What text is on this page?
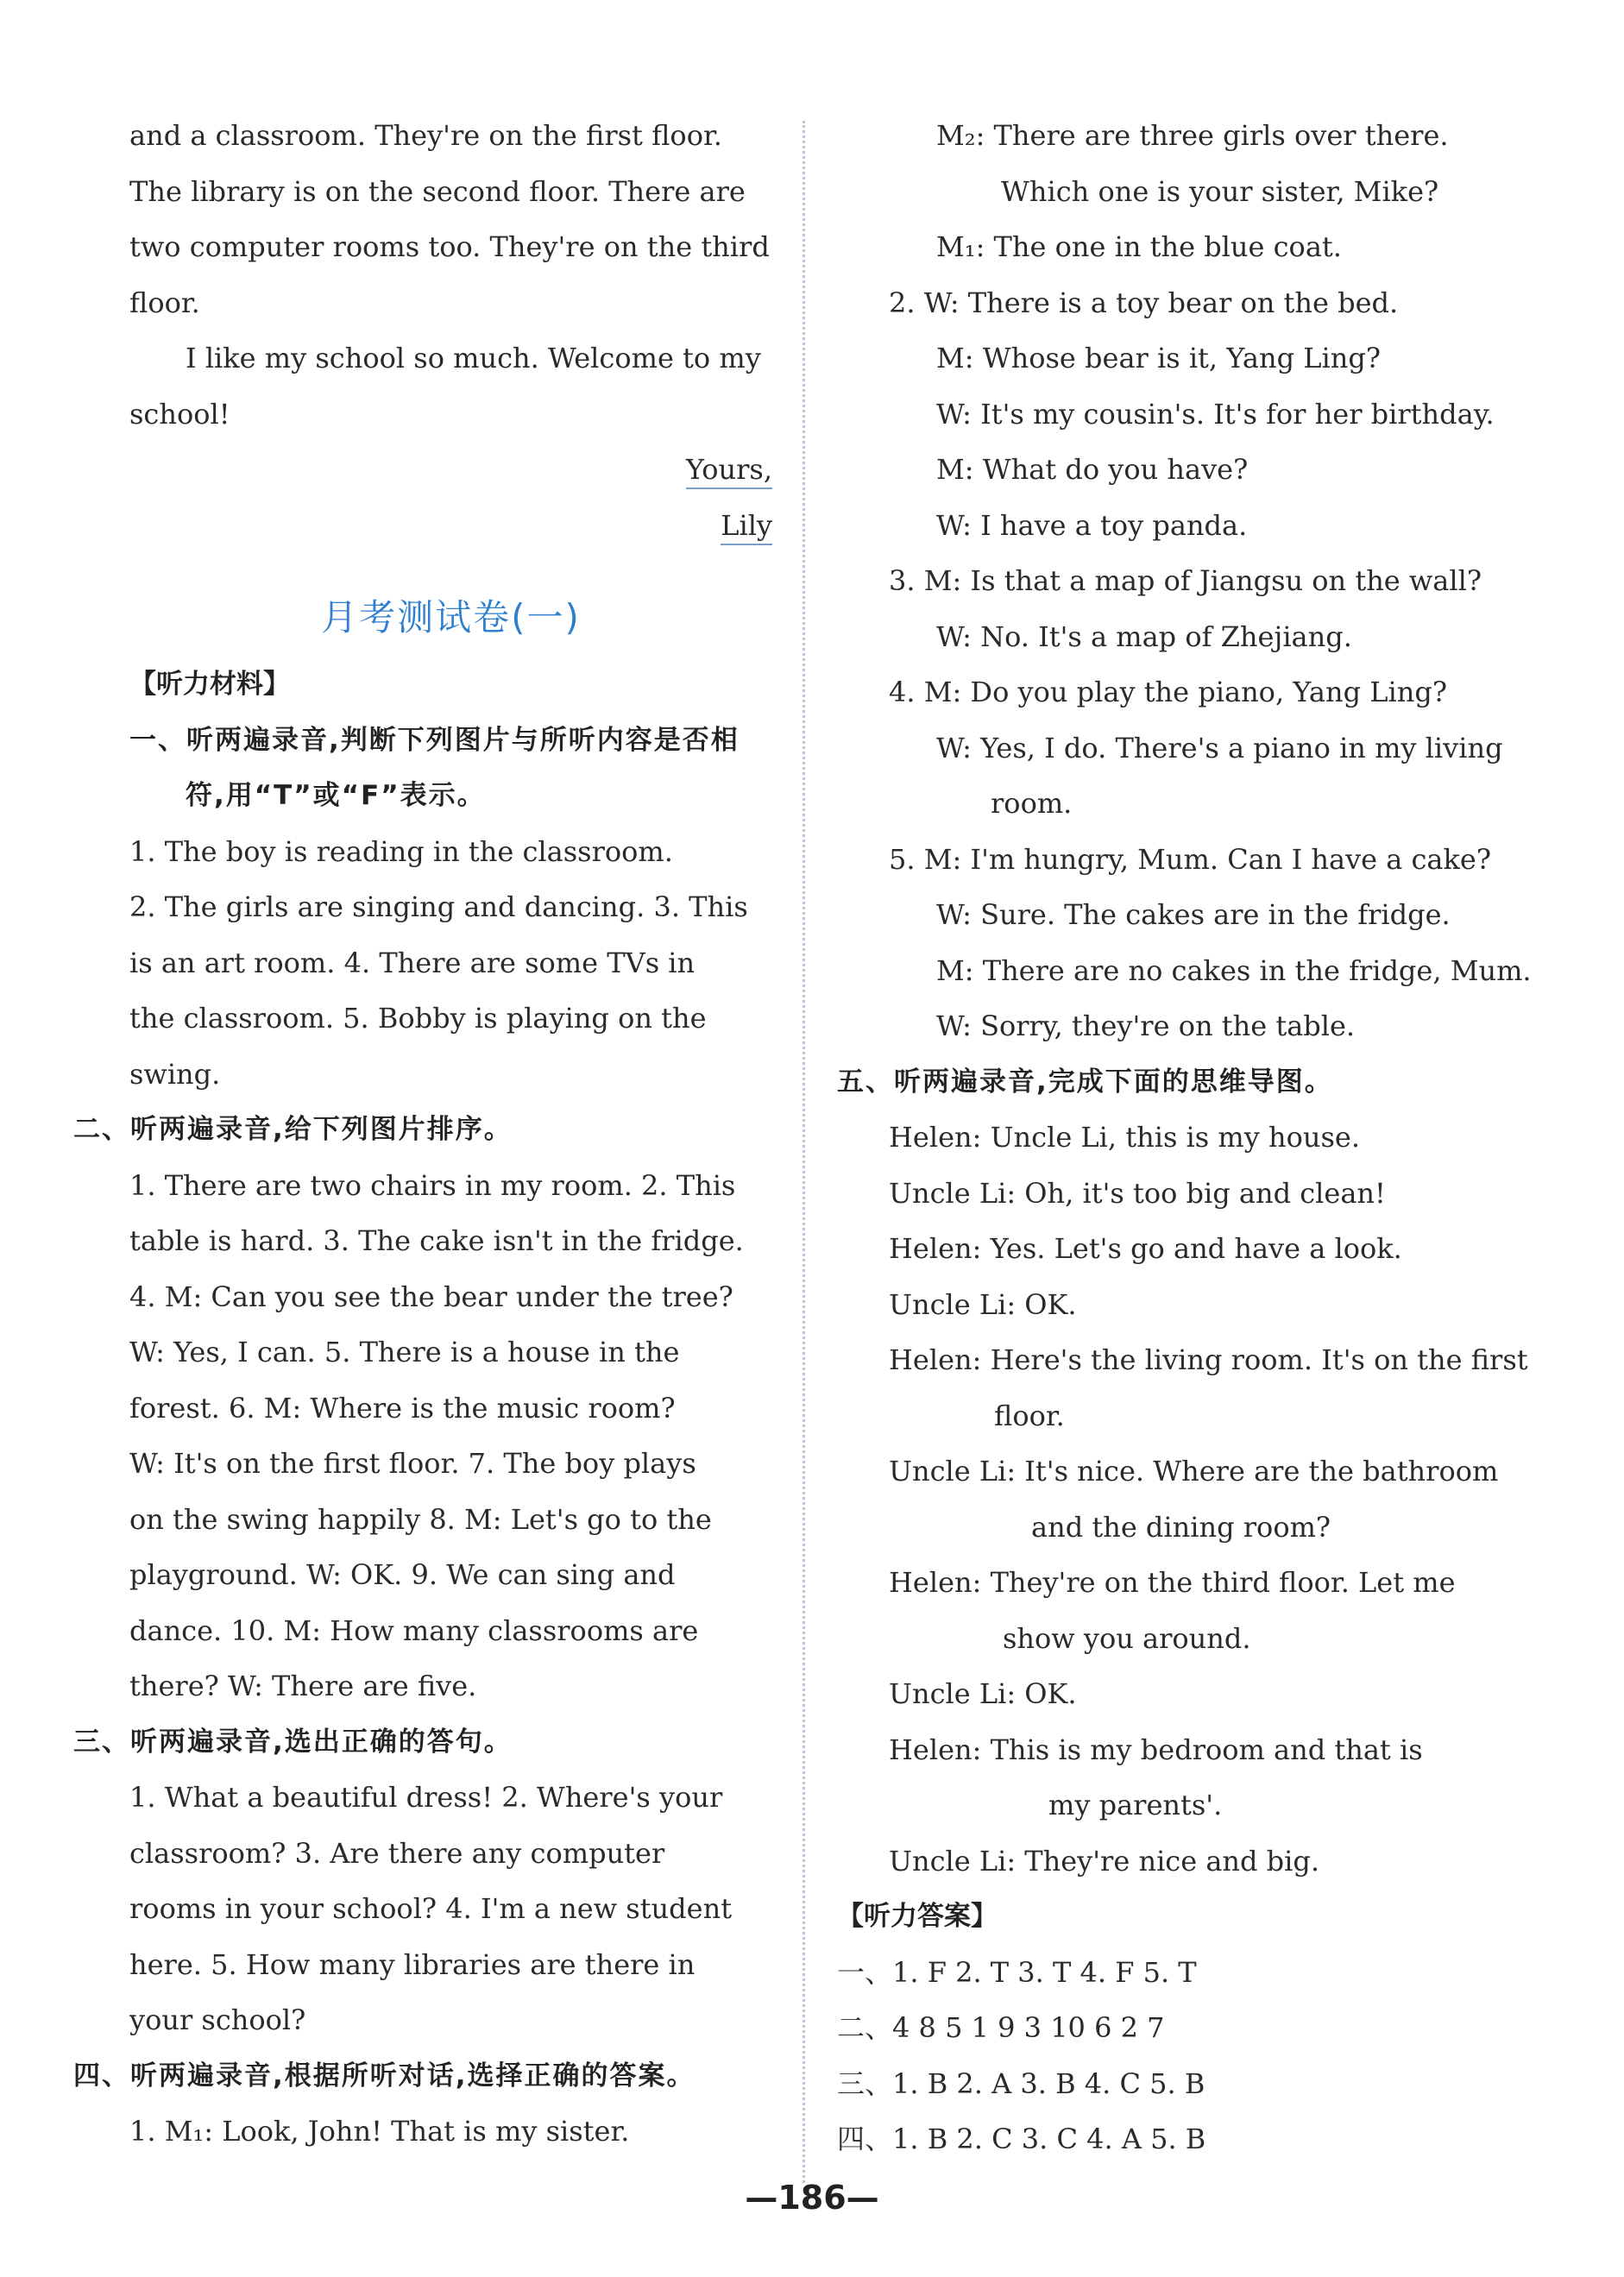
and a classroom. They're on the first floor.
The library is on the second floor. There are
two computer rooms too. They're on the third
floor.
I like my school so much. Welcome to my
school!
Yours,
Lily
月考测试卷(一)
【听力材料】
一、听两遍录音,判断下列图片与所听内容是否相
符,用“T”或“F”表示。
1. The boy is reading in the classroom.
2. The girls are singing and dancing. 3. This
is an art room. 4. There are some TVs in
the classroom. 5. Bobby is playing on the
swing.
二、听两遍录音,给下列图片排序。
1. There are two chairs in my room. 2. This
table is hard. 3. The cake isn't in the fridge.
4. M: Can you see the bear under the tree?
W: Yes, I can. 5. There is a house in the
forest. 6. M: Where is the music room?
W: It's on the first floor. 7. The boy plays
on the swing happily 8. M: Let's go to the
playground. W: OK. 9. We can sing and
dance. 10. M: How many classrooms are
there? W: There are five.
三、听两遍录音,选出正确的答句。
1. What a beautiful dress! 2. Where's your
classroom? 3. Are there any computer
rooms in your school? 4. I'm a new student
here. 5. How many libraries are there in
your school?
四、听两遍录音,根据所听对话,选择正确的答案。
1. M₁: Look, John! That is my sister.
M₂: There are three girls over there.
Which one is your sister, Mike?
M₁: The one in the blue coat.
2. W: There is a toy bear on the bed.
M: Whose bear is it, Yang Ling?
W: It's my cousin's. It's for her birthday.
M: What do you have?
W: I have a toy panda.
3. M: Is that a map of Jiangsu on the wall?
W: No. It's a map of Zhejiang.
4. M: Do you play the piano, Yang Ling?
W: Yes, I do. There's a piano in my living
room.
5. M: I'm hungry, Mum. Can I have a cake?
W: Sure. The cakes are in the fridge.
M: There are no cakes in the fridge, Mum.
W: Sorry, they're on the table.
五、听两遍录音,完成下面的思维导图。
Helen: Uncle Li, this is my house.
Uncle Li: Oh, it's too big and clean!
Helen: Yes. Let's go and have a look.
Uncle Li: OK.
Helen: Here's the living room. It's on the first
floor.
Uncle Li: It's nice. Where are the bathroom
and the dining room?
Helen: They're on the third floor. Let me
show you around.
Uncle Li: OK.
Helen: This is my bedroom and that is
my parents'.
Uncle Li: They're nice and big.
【听力答案】
一、1. F 2. T 3. T 4. F 5. T
二、4 8 5 1 9 3 10 6 2 7
三、1. B 2. A 3. B 4. C 5. B
四、1. B 2. C 3. C 4. A 5. B
—186—
